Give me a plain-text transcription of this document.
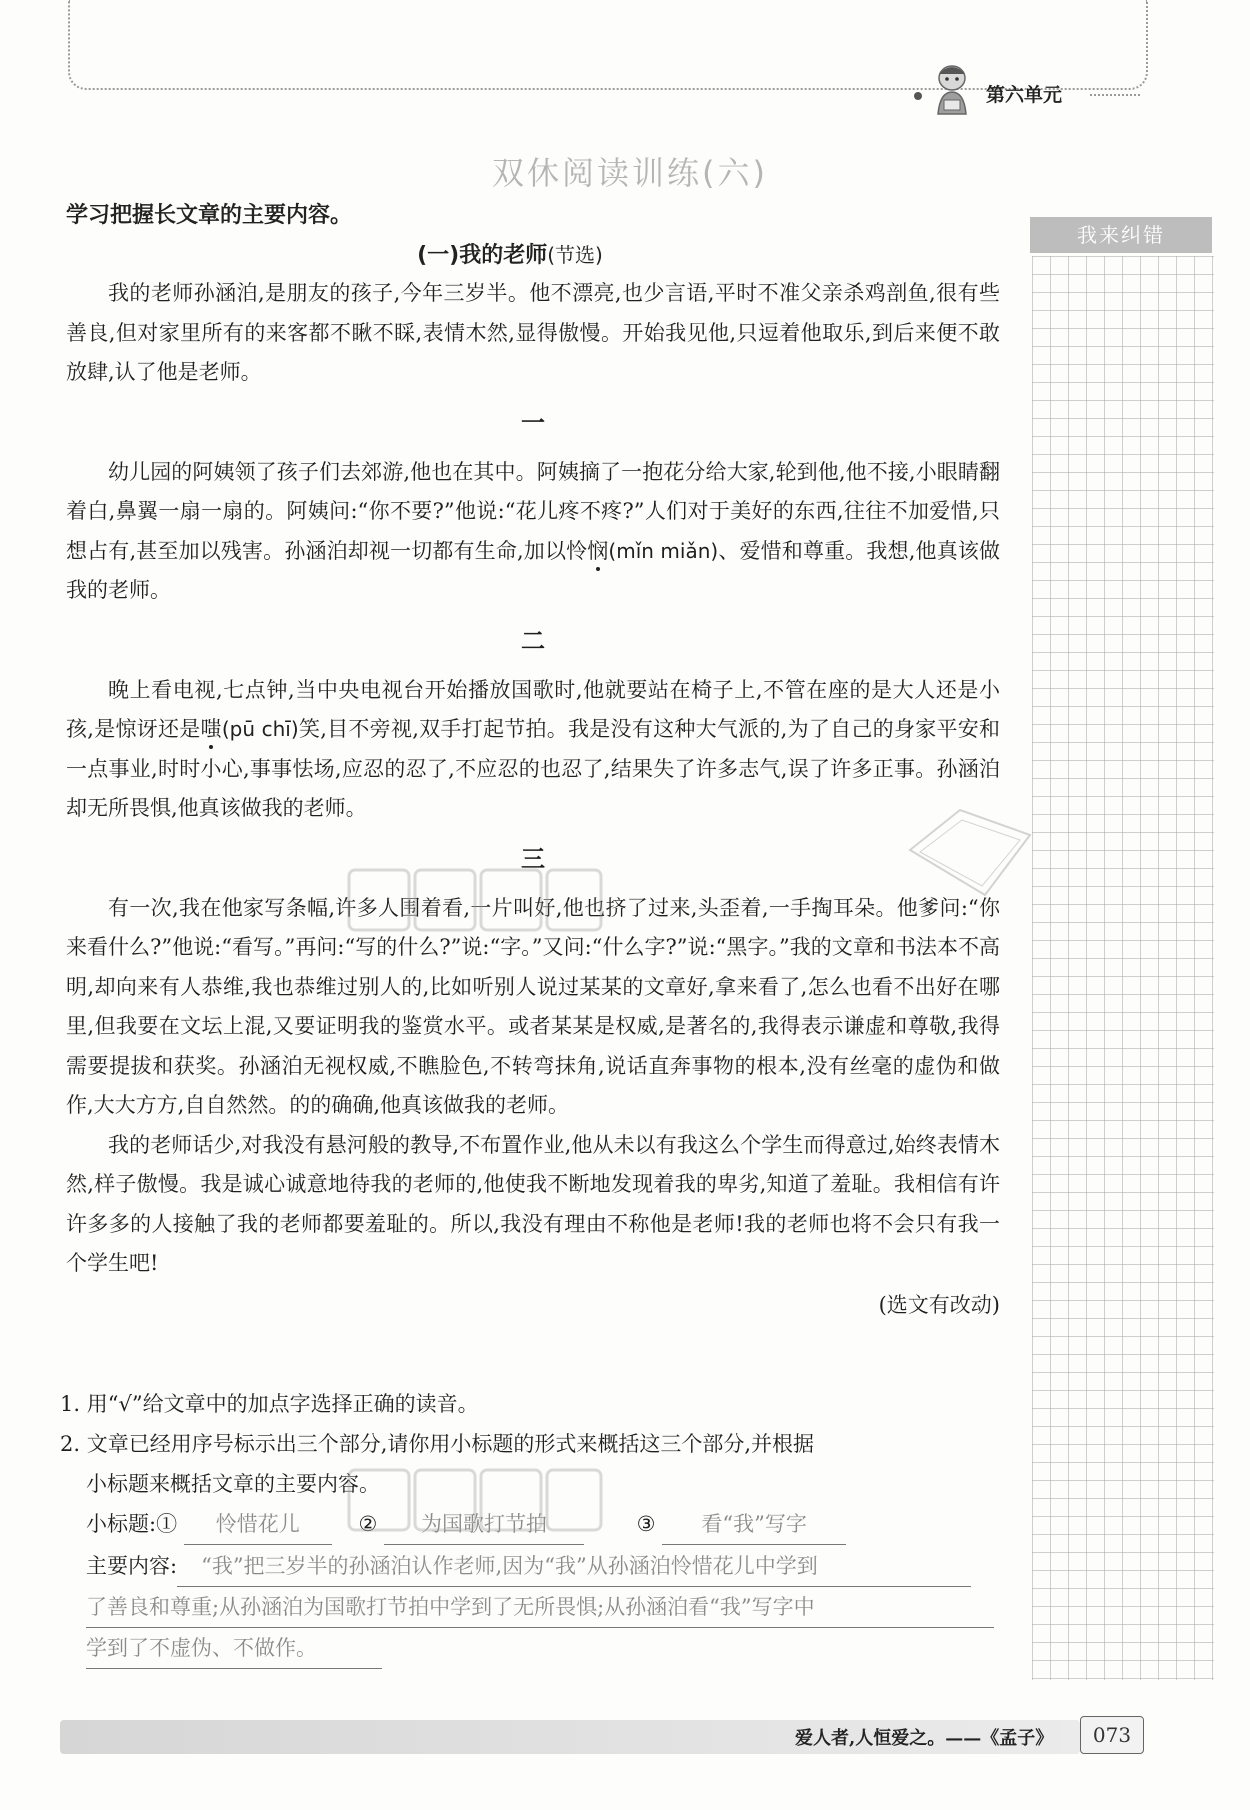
第六单元
双休阅读训练(六)
学习把握长文章的主要内容。
(一)我的老师(节选)

我的老师孙涵泊,是朋友的孩子,今年三岁半。他不漂亮,也少言语,平时不准父亲杀鸡剖鱼,很有些善良,但对家里所有的来客都不瞅不睬,表情木然,显得傲慢。开始我见他,只逗着他取乐,到后来便不敢放肆,认了他是老师。

一

幼儿园的阿姨领了孩子们去郊游,他也在其中。阿姨摘了一抱花分给大家,轮到他,他不接,小眼睛翻着白,鼻翼一扇一扇的。阿姨问:“你不要?”他说:“花儿疼不疼?”人们对于美好的东西,往往不加爱惜,只想占有,甚至加以残害。孙涵泊却视一切都有生命,加以怜悯(mǐn miǎn)、爱惜和尊重。我想,他真该做我的老师。

二

晚上看电视,七点钟,当中央电视台开始播放国歌时,他就要站在椅子上,不管在座的是大人还是小孩,是惊讶还是嗤(pū chī)笑,目不旁视,双手打起节拍。我是没有这种大气派的,为了自己的身家平安和一点事业,时时小心,事事怯场,应忍的忍了,不应忍的也忍了,结果失了许多志气,误了许多正事。孙涵泊却无所畏惧,他真该做我的老师。

三

有一次,我在他家写条幅,许多人围着看,一片叫好,他也挤了过来,头歪着,一手掏耳朵。他爹问:“你来看什么?”他说:“看写。”再问:“写的什么?”说:“字。”又问:“什么字?”说:“黑字。”我的文章和书法本不高明,却向来有人恭维,我也恭维过别人的,比如听别人说过某某的文章好,拿来看了,怎么也看不出好在哪里,但我要在文坛上混,又要证明我的鉴赏水平。或者某某是权威,是著名的,我得表示谦虚和尊敬,我得需要提拔和获奖。孙涵泊无视权威,不瞧脸色,不转弯抹角,说话直奔事物的根本,没有丝毫的虚伪和做作,大大方方,自自然然。的的确确,他真该做我的老师。

我的老师话少,对我没有悬河般的教导,不布置作业,他从未以有我这么个学生而得意过,始终表情木然,样子傲慢。我是诚心诚意地待我的老师的,他使我不断地发现着我的卑劣,知道了羞耻。我相信有许许多多的人接触了我的老师都要羞耻的。所以,我没有理由不称他是老师!我的老师也将不会只有我一个学生吧!

(选文有改动)

1. 用“√”给文章中的加点字选择正确的读音。

2. 文章已经用序号标示出三个部分,请你用小标题的形式来概括这三个部分,并根据

小标题来概括文章的主要内容。

小标题:① 怜惜花儿	② 为国歌打节拍	③ 看“我”写字
主要内容: “我”把三岁半的孙涵泊认作老师,因为“我”从孙涵泊怜惜花儿中学到
了善良和尊重;从孙涵泊为国歌打节拍中学到了无所畏惧;从孙涵泊看“我”写字中
学到了不虚伪、不做作。
我来纠错
爱人者,人恒爱之。——《孟子》	073
